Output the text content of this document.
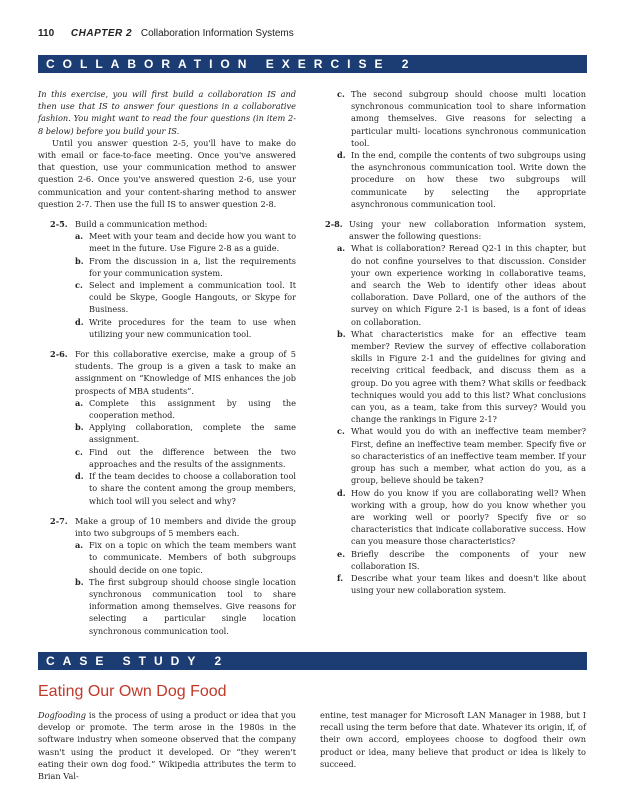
110 CHAPTER 2 Collaboration Information Systems
COLLABORATION EXERCISE 2

In this exercise, you will first build a collaboration IS and then use that IS to answer four questions in a collaborative fashion. You might want to read the four questions (in item 2-8 below) before you build your IS.

Until you answer question 2-5, you'll have to make do with email or face-to-face meeting. Once you've answered that question, use your communication method to answer question 2-6. Once you've answered question 2-6, use your communication and your content-sharing method to answer question 2-7. Then use the full IS to answer question 2-8.

2-5. Build a communication method:
a. Meet with your team and decide how you want to meet in the future. Use Figure 2-8 as a guide.
b. From the discussion in a, list the requirements for your communication system.
c. Select and implement a communication tool. It could be Skype, Google Hangouts, or Skype for Business.
d. Write procedures for the team to use when utilizing your new communication tool.
2-6. For this collaborative exercise, make a group of 5 students. The group is a given a task to make an assignment on “Knowledge of MIS enhances the job prospects of MBA students”.
a. Complete this assignment by using the cooperation method.
b. Applying collaboration, complete the same assignment.
c. Find out the difference between the two approaches and the results of the assignments.
d. If the team decides to choose a collaboration tool to share the content among the group members, which tool will you select and why?
2-7. Make a group of 10 members and divide the group into two subgroups of 5 members each.
a. Fix on a topic on which the team members want to communicate. Members of both subgroups should decide on one topic.
b. The first subgroup should choose single location synchronous communication tool to share information among themselves. Give reasons for selecting a particular single location synchronous communication tool.
c. The second subgroup should choose multi location synchronous communication tool to share information among themselves. Give reasons for selecting a particular multi- locations synchronous communication tool.
d. In the end, compile the contents of two subgroups using the asynchronous communication tool. Write down the procedure on how these two subgroups will communicate by selecting the appropriate asynchronous communication tool.
2-8. Using your new collaboration information system, answer the following questions:
a. What is collaboration? Reread Q2-1 in this chapter, but do not confine yourselves to that discussion. Consider your own experience working in collaborative teams, and search the Web to identify other ideas about collaboration. Dave Pollard, one of the authors of the survey on which Figure 2-1 is based, is a font of ideas on collaboration.
b. What characteristics make for an effective team member? Review the survey of effective collaboration skills in Figure 2-1 and the guidelines for giving and receiving critical feedback, and discuss them as a group. Do you agree with them? What skills or feedback techniques would you add to this list? What conclusions can you, as a team, take from this survey? Would you change the rankings in Figure 2-1?
c. What would you do with an ineffective team member? First, define an ineffective team member. Specify five or so characteristics of an ineffective team member. If your group has such a member, what action do you, as a group, believe should be taken?
d. How do you know if you are collaborating well? When working with a group, how do you know whether you are working well or poorly? Specify five or so characteristics that indicate collaborative success. How can you measure those characteristics?
e. Briefly describe the components of your new collaboration IS.
f. Describe what your team likes and doesn't like about using your new collaboration system.
CASE STUDY 2
Eating Our Own Dog Food
Dogfooding is the process of using a product or idea that you develop or promote. The term arose in the 1980s in the software industry when someone observed that the company wasn't using the product it developed. Or “they weren't eating their own dog food.” Wikipedia attributes the term to Brian Val-
entine, test manager for Microsoft LAN Manager in 1988, but I recall using the term before that date. Whatever its origin, if, of their own accord, employees choose to dogfood their own product or idea, many believe that product or idea is likely to succeed.
